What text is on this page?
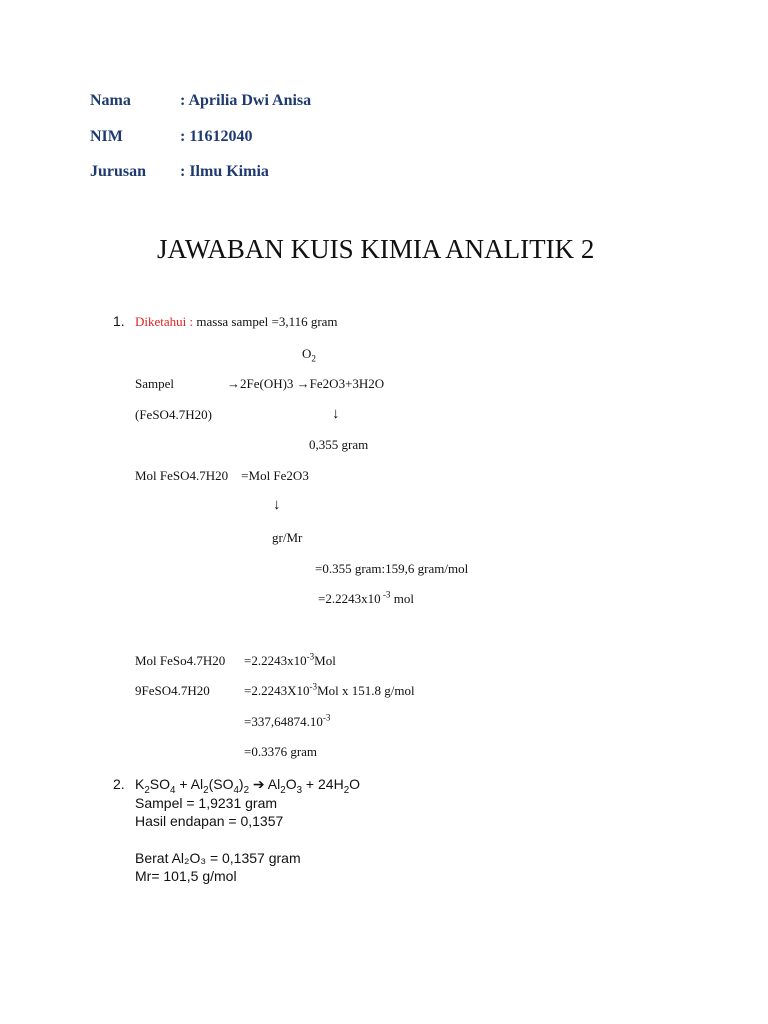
Nama	: Aprilia Dwi Anisa
NIM	: 11612040
Jurusan : Ilmu Kimia
JAWABAN KUIS KIMIA ANALITIK 2
1. Diketahui : massa sampel =3,116 gram
$O_2$
Sampel	→2Fe(OH)3 →Fe2O3+3H2O
(FeSO4.7H20)	↓
0,355 gram
Mol FeSO4.7H20    =Mol Fe2O3
↓
gr/Mr
=0.355 gram:159,6 gram/mol
=2.2243x10 $^{-3}$ mol
Mol FeSo4.7H20 $=2.2243x10^{-3}Mol$
9FeSO4.7H20	$=2.2243X10^{-3}Mol$ x 151.8 g/mol
$=337,64874.10^{-3}$
=0.3376 gram
2. $K_2SO_4 + Al_2(SO_4)_2$ ➔ $Al_2O_3 + 24H_2O$
Sampel = 1,9231 gram
Hasil endapan = 0,1357
Berat Al₂O₃ = 0,1357 gram
Mr= 101,5 g/mol
